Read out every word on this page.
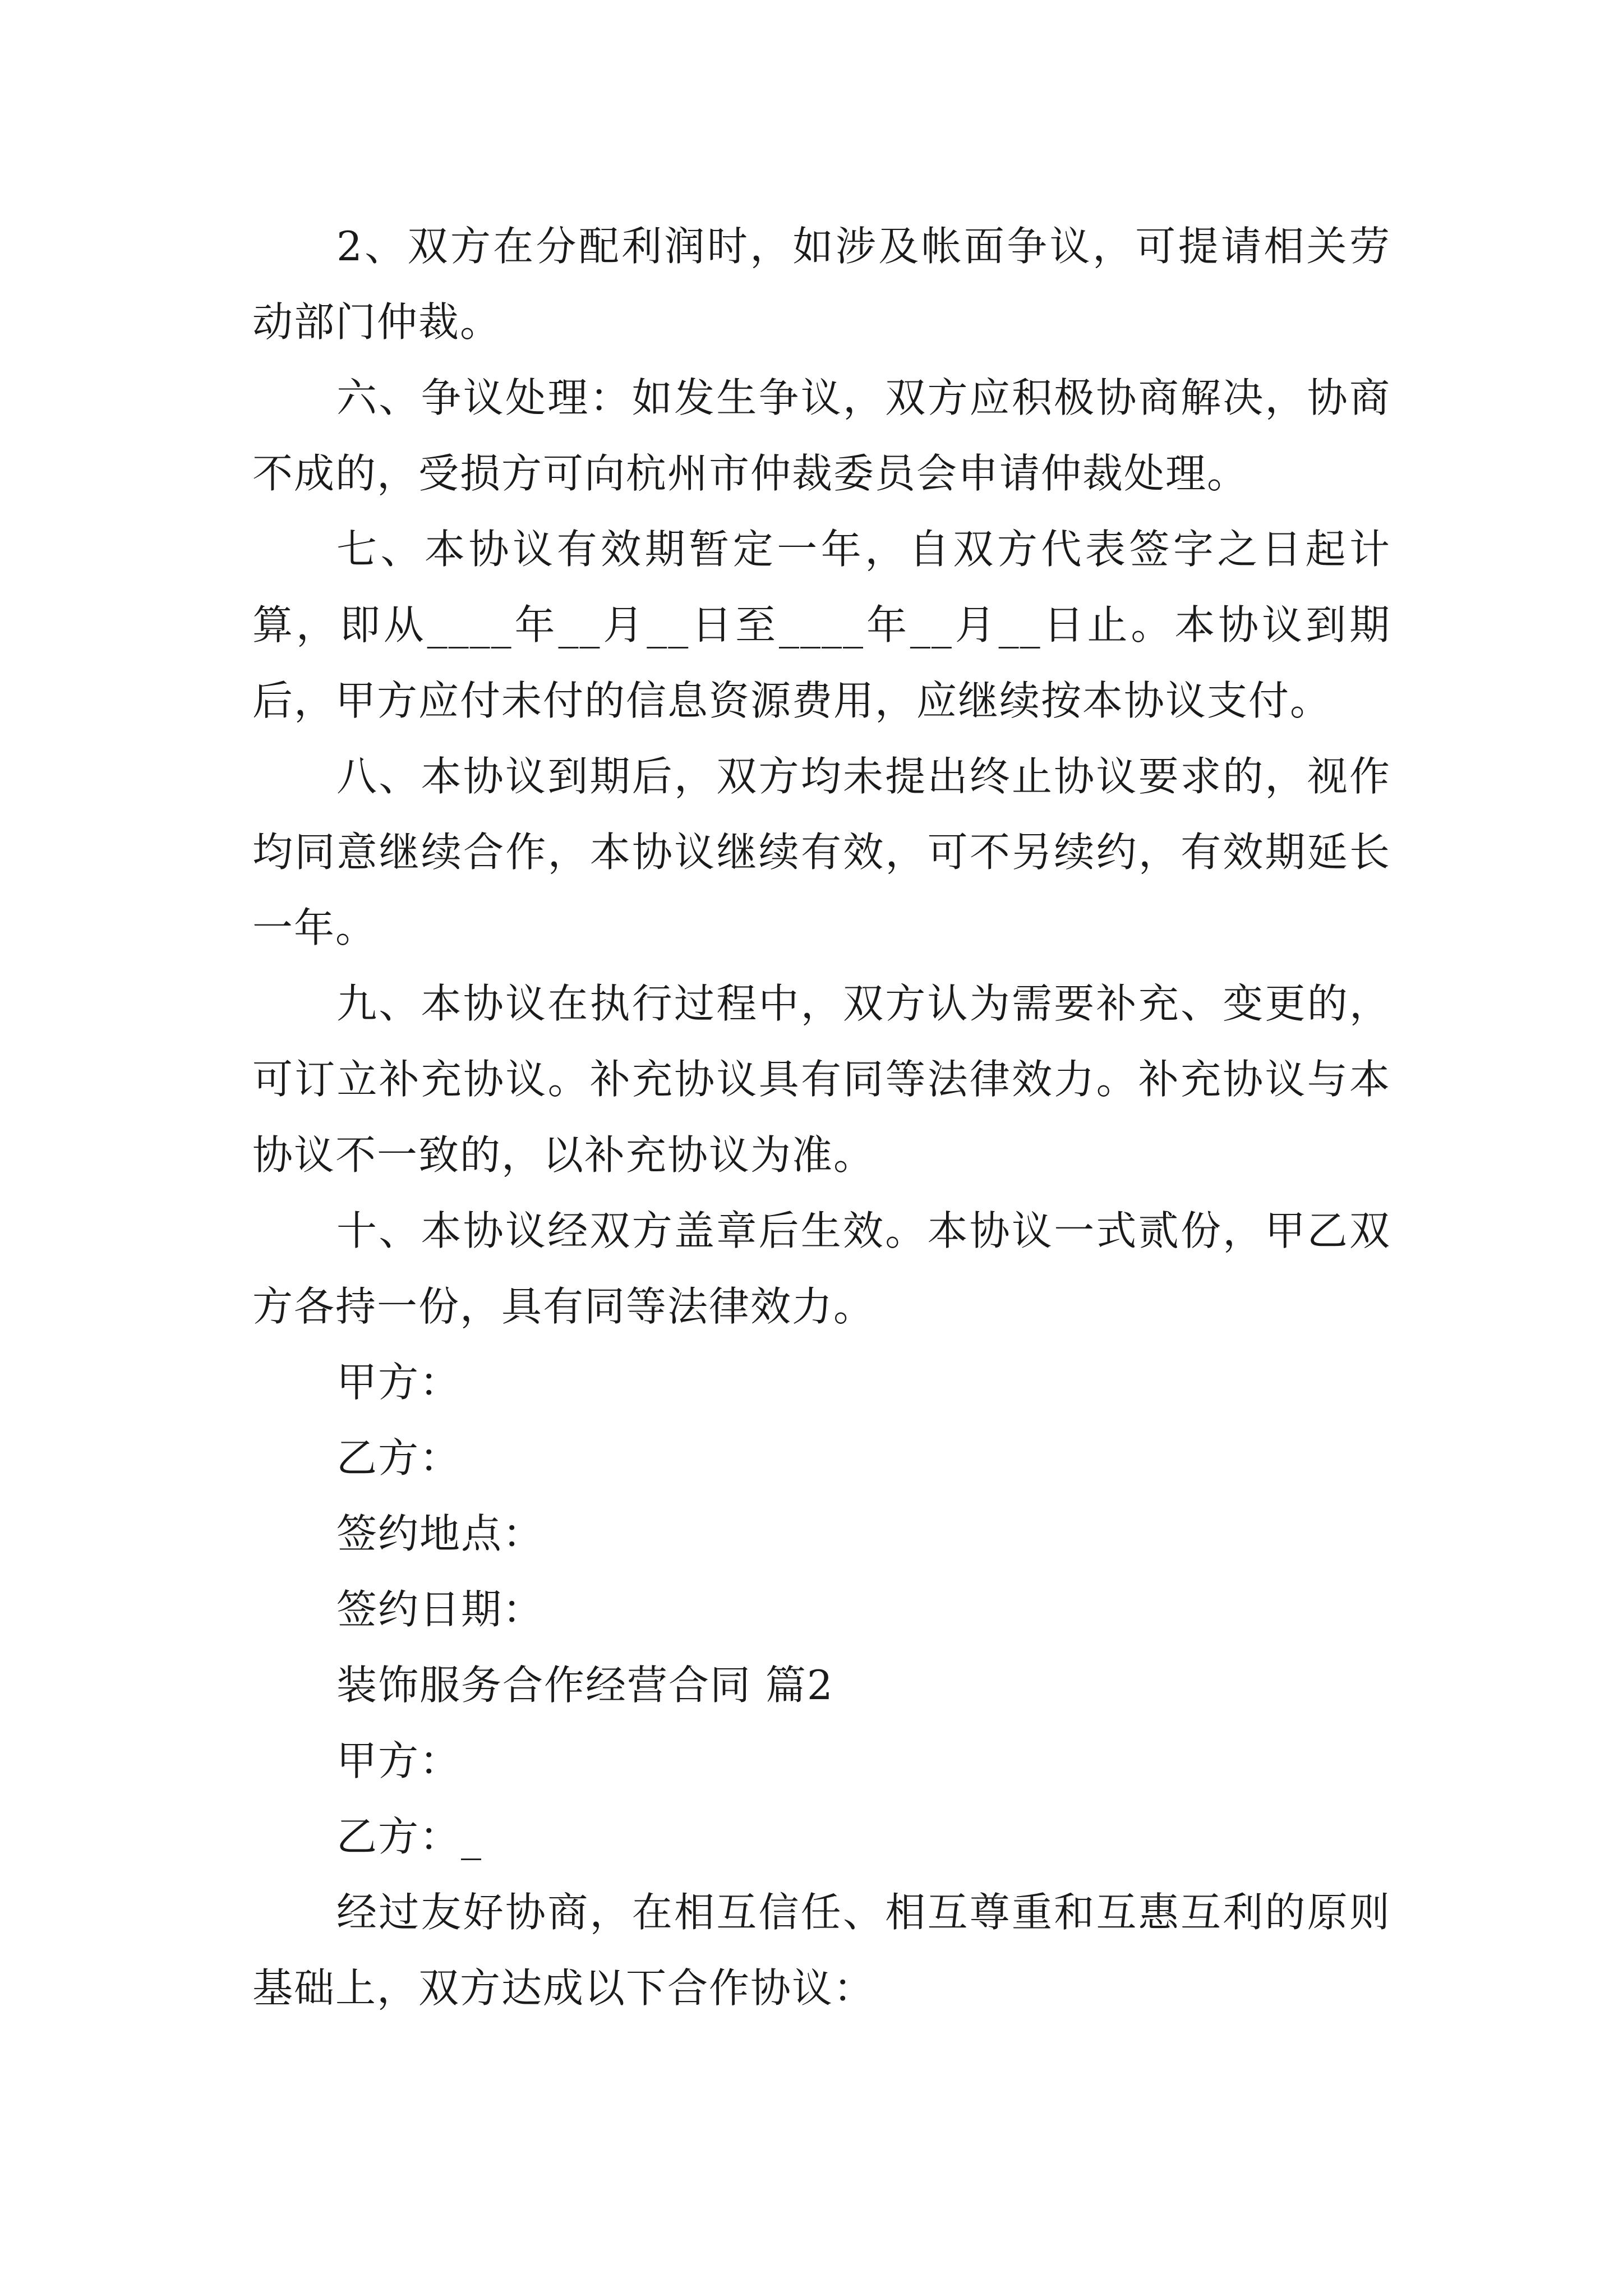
2、双方在分配利润时，如涉及帐面争议，可提请相关劳动部门仲裁。

六、争议处理：如发生争议，双方应积极协商解决，协商不成的，受损方可向杭州市仲裁委员会申请仲裁处理。

七、本协议有效期暂定一年，自双方代表签字之日起计算，即从____年__月__日至____年__月__日止。本协议到期后，甲方应付未付的信息资源费用，应继续按本协议支付。

八、本协议到期后，双方均未提出终止协议要求的，视作均同意继续合作，本协议继续有效，可不另续约，有效期延长一年。

九、本协议在执行过程中，双方认为需要补充、变更的，可订立补充协议。补充协议具有同等法律效力。补充协议与本协议不一致的，以补充协议为准。

十、本协议经双方盖章后生效。本协议一式贰份，甲乙双方各持一份，具有同等法律效力。

甲方：

乙方：

签约地点：

签约日期：

装饰服务合作经营合同 篇2

甲方：

乙方：_

经过友好协商，在相互信任、相互尊重和互惠互利的原则基础上，双方达成以下合作协议：
